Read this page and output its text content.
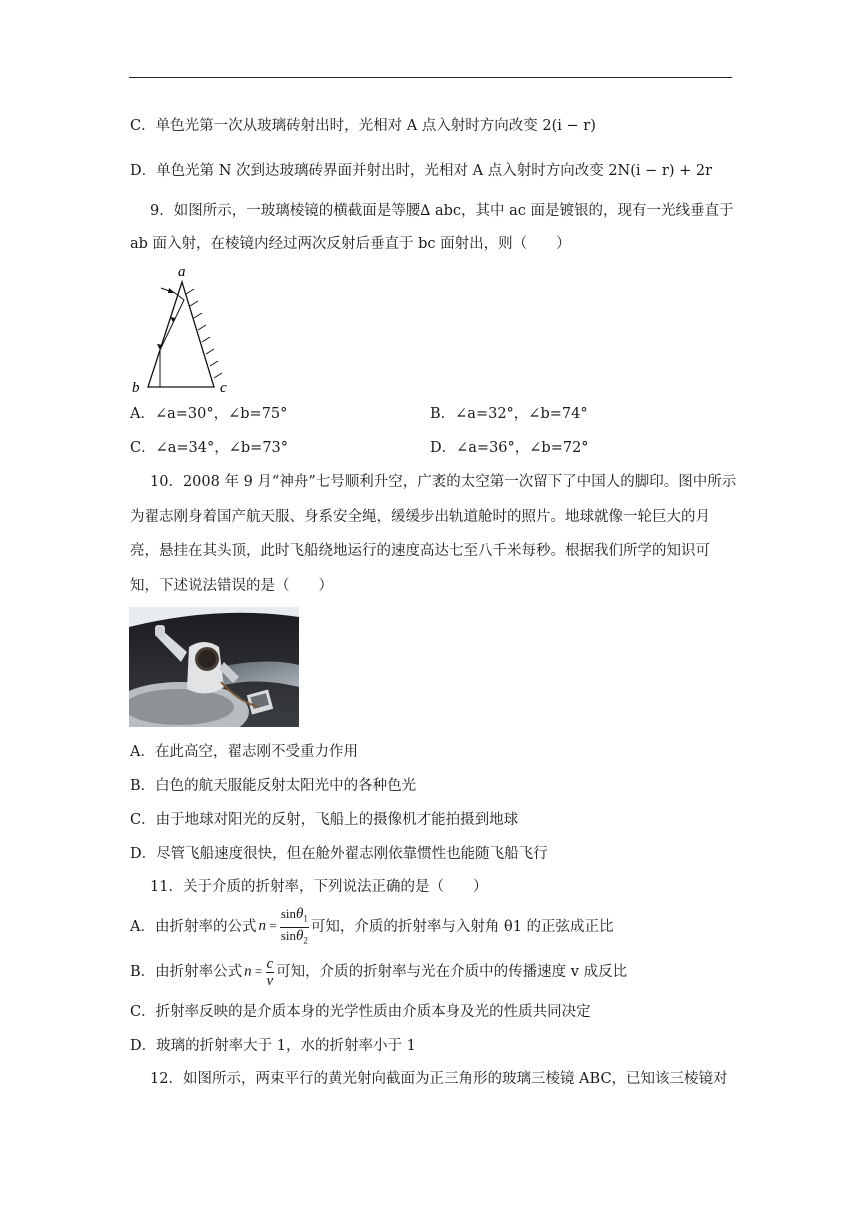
C．单色光第一次从玻璃砖射出时，光相对 A 点入射时方向改变 2(i − r)
D．单色光第 N 次到达玻璃砖界面并射出时，光相对 A 点入射时方向改变 2N(i − r) + 2r
9．如图所示，一玻璃棱镜的横截面是等腰∆ abc，其中 ac 面是镀银的，现有一光线垂直于
ab 面入射，在棱镜内经过两次反射后垂直于 bc 面射出，则（　　）
a
b	c
A．∠a=30°，∠b=75°	B．∠a=32°，∠b=74°
C．∠a=34°，∠b=73°	D．∠a=36°，∠b=72°
10．2008 年 9 月“神舟”七号顺利升空，广袤的太空第一次留下了中国人的脚印。图中所示
为翟志刚身着国产航天服、身系安全绳，缓缓步出轨道舱时的照片。地球就像一轮巨大的月
亮，悬挂在其头顶，此时飞船绕地运行的速度高达七至八千米每秒。根据我们所学的知识可
知，下述说法错误的是（　　）
A．在此高空，翟志刚不受重力作用
B．白色的航天服能反射太阳光中的各种色光
C．由于地球对阳光的反射，飞船上的摄像机才能拍摄到地球
D．尽管飞船速度很快，但在舱外翟志刚依靠惯性也能随飞船飞行
11．关于介质的折射率，下列说法正确的是（　　）
A．由折射率的公式 $n = \frac{\sin\theta_1}{\sin\theta_2}$ 可知，介质的折射率与入射角 θ1 的正弦成正比
B．由折射率公式 $n = \frac{c}{v}$ 可知，介质的折射率与光在介质中的传播速度 v 成反比
C．折射率反映的是介质本身的光学性质由介质本身及光的性质共同决定
D．玻璃的折射率大于 1，水的折射率小于 1
12．如图所示，两束平行的黄光射向截面为正三角形的玻璃三棱镜 ABC，已知该三棱镜对
